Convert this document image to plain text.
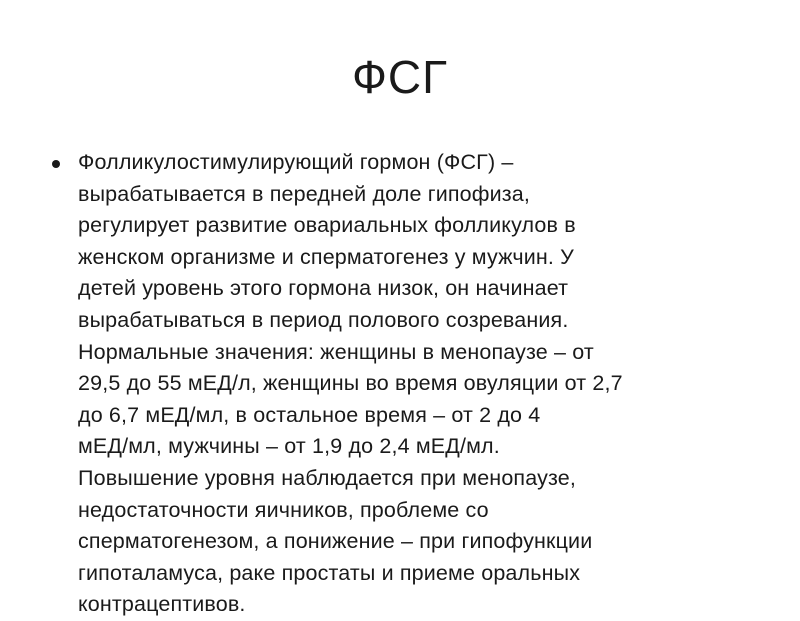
ФСГ
Фолликулостимулирующий гормон (ФСГ) –
вырабатывается в передней доле гипофиза,
регулирует развитие овариальных фолликулов в
женском организме и сперматогенез у мужчин. У
детей уровень этого гормона низок, он начинает
вырабатываться в период полового созревания.
Нормальные значения: женщины в менопаузе – от
29,5 до 55 мЕД/л, женщины во время овуляции от 2,7
до 6,7 мЕД/мл, в остальное время – от 2 до 4
мЕД/мл, мужчины – от 1,9 до 2,4 мЕД/мл.
Повышение уровня наблюдается при менопаузе,
недостаточности яичников, проблеме со
сперматогенезом, а понижение – при гипофункции
гипоталамуса, раке простаты и приеме оральных
контрацептивов.
